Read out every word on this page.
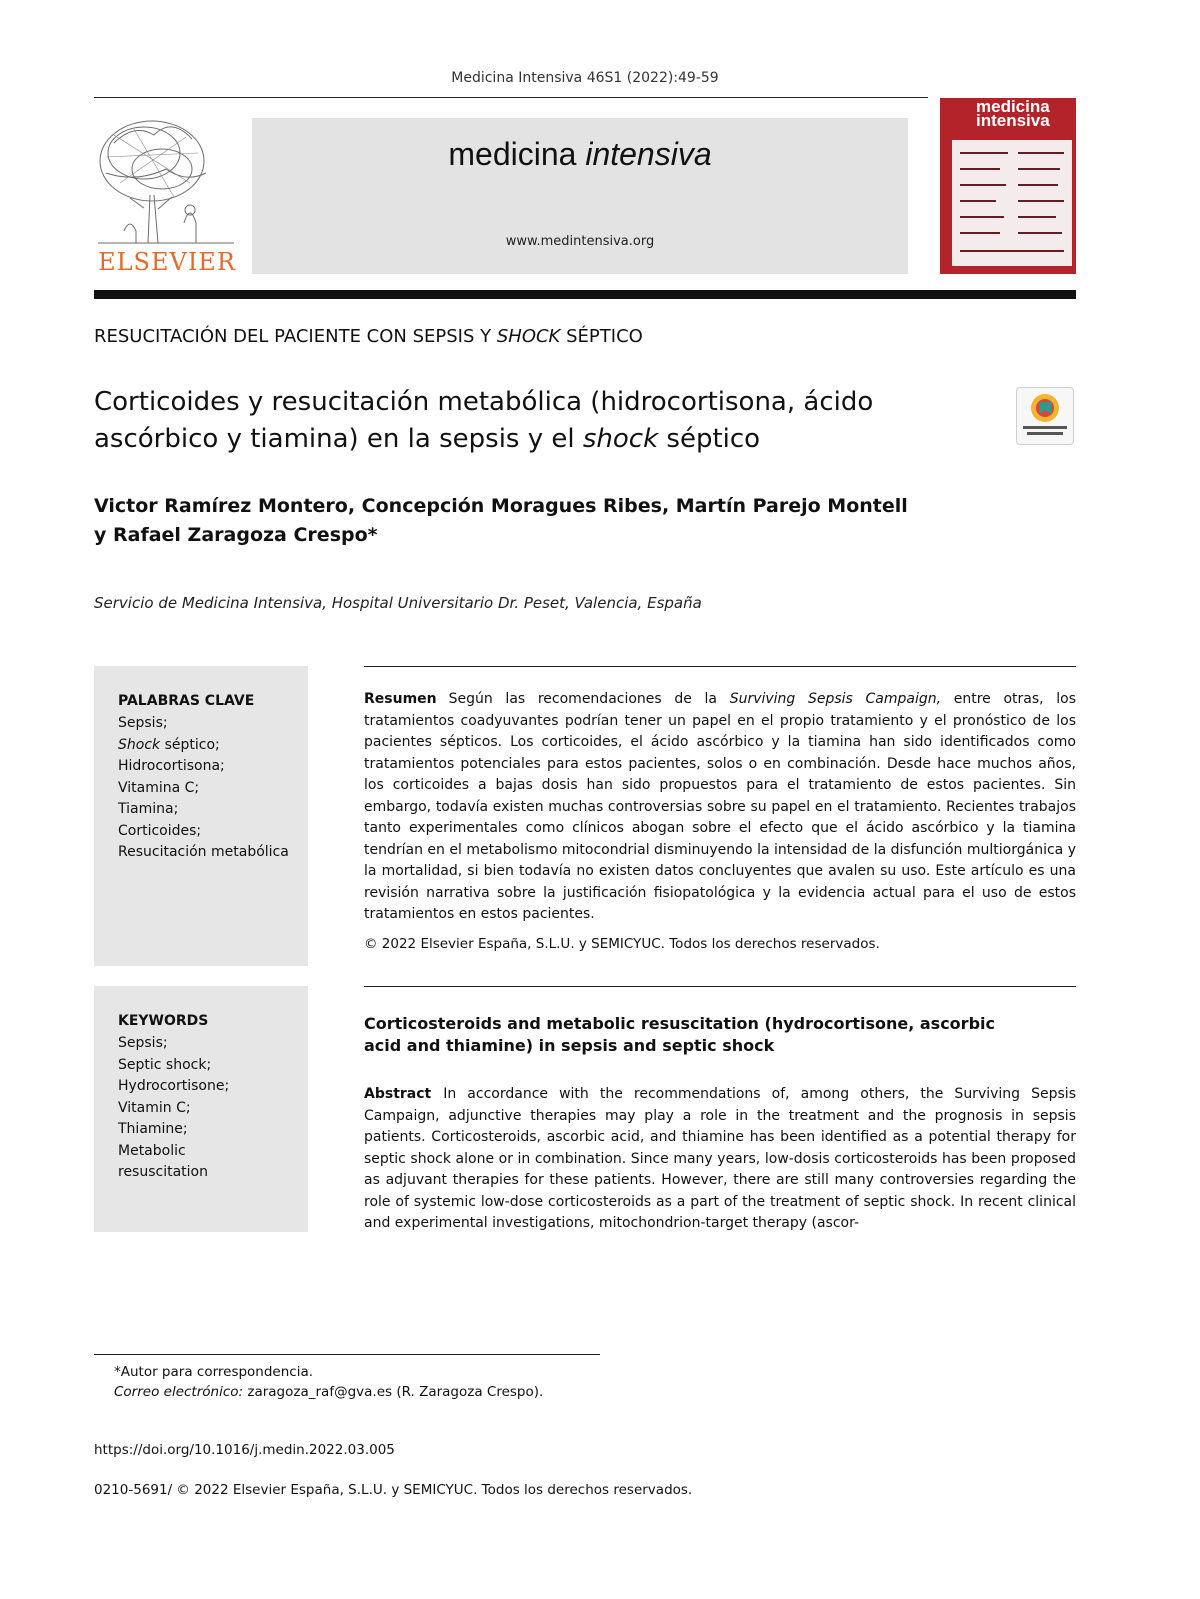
Medicina Intensiva 46S1 (2022):49-59
ELSEVIER
medicina intensiva
www.medintensiva.org
medicina intensiva
RESUCITACIÓN DEL PACIENTE CON SEPSIS Y SHOCK SÉPTICO
Corticoides y resucitación metabólica (hidrocortisona, ácido ascórbico y tiamina) en la sepsis y el shock séptico
Victor Ramírez Montero, Concepción Moragues Ribes, Martín Parejo Montell
y Rafael Zaragoza Crespo*
Servicio de Medicina Intensiva, Hospital Universitario Dr. Peset, Valencia, España
PALABRAS CLAVE
Sepsis;
Shock séptico;
Hidrocortisona;
Vitamina C;
Tiamina;
Corticoides;
Resucitación metabólica
Resumen Según las recomendaciones de la Surviving Sepsis Campaign, entre otras, los tratamientos coadyuvantes podrían tener un papel en el propio tratamiento y el pronóstico de los pacientes sépticos. Los corticoides, el ácido ascórbico y la tiamina han sido identificados como tratamientos potenciales para estos pacientes, solos o en combinación. Desde hace muchos años, los corticoides a bajas dosis han sido propuestos para el tratamiento de estos pacientes. Sin embargo, todavía existen muchas controversias sobre su papel en el tratamiento. Recientes trabajos tanto experimentales como clínicos abogan sobre el efecto que el ácido ascórbico y la tiamina tendrían en el metabolismo mitocondrial disminuyendo la intensidad de la disfunción multiorgánica y la mortalidad, si bien todavía no existen datos concluyentes que avalen su uso. Este artículo es una revisión narrativa sobre la justificación fisiopatológica y la evidencia actual para el uso de estos tratamientos en estos pacientes.
© 2022 Elsevier España, S.L.U. y SEMICYUC. Todos los derechos reservados.
KEYWORDS
Sepsis;
Septic shock;
Hydrocortisone;
Vitamin C;
Thiamine;
Metabolic
resuscitation
Corticosteroids and metabolic resuscitation (hydrocortisone, ascorbic acid and thiamine) in sepsis and septic shock
Abstract In accordance with the recommendations of, among others, the Surviving Sepsis Campaign, adjunctive therapies may play a role in the treatment and the prognosis in sepsis patients. Corticosteroids, ascorbic acid, and thiamine has been identified as a potential therapy for septic shock alone or in combination. Since many years, low-dosis corticosteroids has been proposed as adjuvant therapies for these patients. However, there are still many controversies regarding the role of systemic low-dose corticosteroids as a part of the treatment of septic shock. In recent clinical and experimental investigations, mitochondrion-target therapy (ascor-
*Autor para correspondencia.
Correo electrónico: zaragoza_raf@gva.es (R. Zaragoza Crespo).
https://doi.org/10.1016/j.medin.2022.03.005
0210-5691/ © 2022 Elsevier España, S.L.U. y SEMICYUC. Todos los derechos reservados.
